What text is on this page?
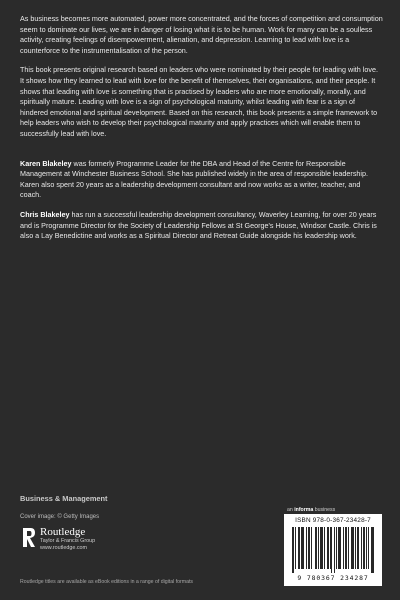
As business becomes more automated, power more concentrated, and the forces of competition and consumption seem to dominate our lives, we are in danger of losing what it is to be human. Work for many can be a soulless activity, creating feelings of disempowerment, alienation, and depression. Learning to lead with love is a counterforce to the instrumentalisation of the person.

This book presents original research based on leaders who were nominated by their people for leading with love. It shows how they learned to lead with love for the benefit of themselves, their organisations, and their people. It shows that leading with love is something that is practised by leaders who are more emotionally, morally, and spiritually mature. Leading with love is a sign of psychological maturity, whilst leading with fear is a sign of hindered emotional and spiritual development. Based on this research, this book presents a simple framework to help leaders who wish to develop their psychological maturity and apply practices which will enable them to successfully lead with love.

Karen Blakeley was formerly Programme Leader for the DBA and Head of the Centre for Responsible Management at Winchester Business School. She has published widely in the area of responsible leadership. Karen also spent 20 years as a leadership development consultant and now works as a writer, teacher, and coach.

Chris Blakeley has run a successful leadership development consultancy, Waverley Learning, for over 20 years and is Programme Director for the Society of Leadership Fellows at St George's House, Windsor Castle. Chris is also a Lay Benedictine and works as a Spiritual Director and Retreat Guide alongside his leadership work.

Business & Management
Cover image: © Getty Images
Routledge
Taylor & Francis Group
www.routledge.com
Routledge titles are available as eBook editions in a range of digital formats
an informa business
ISBN 978-0-367-23428-7
9 780367 234287
